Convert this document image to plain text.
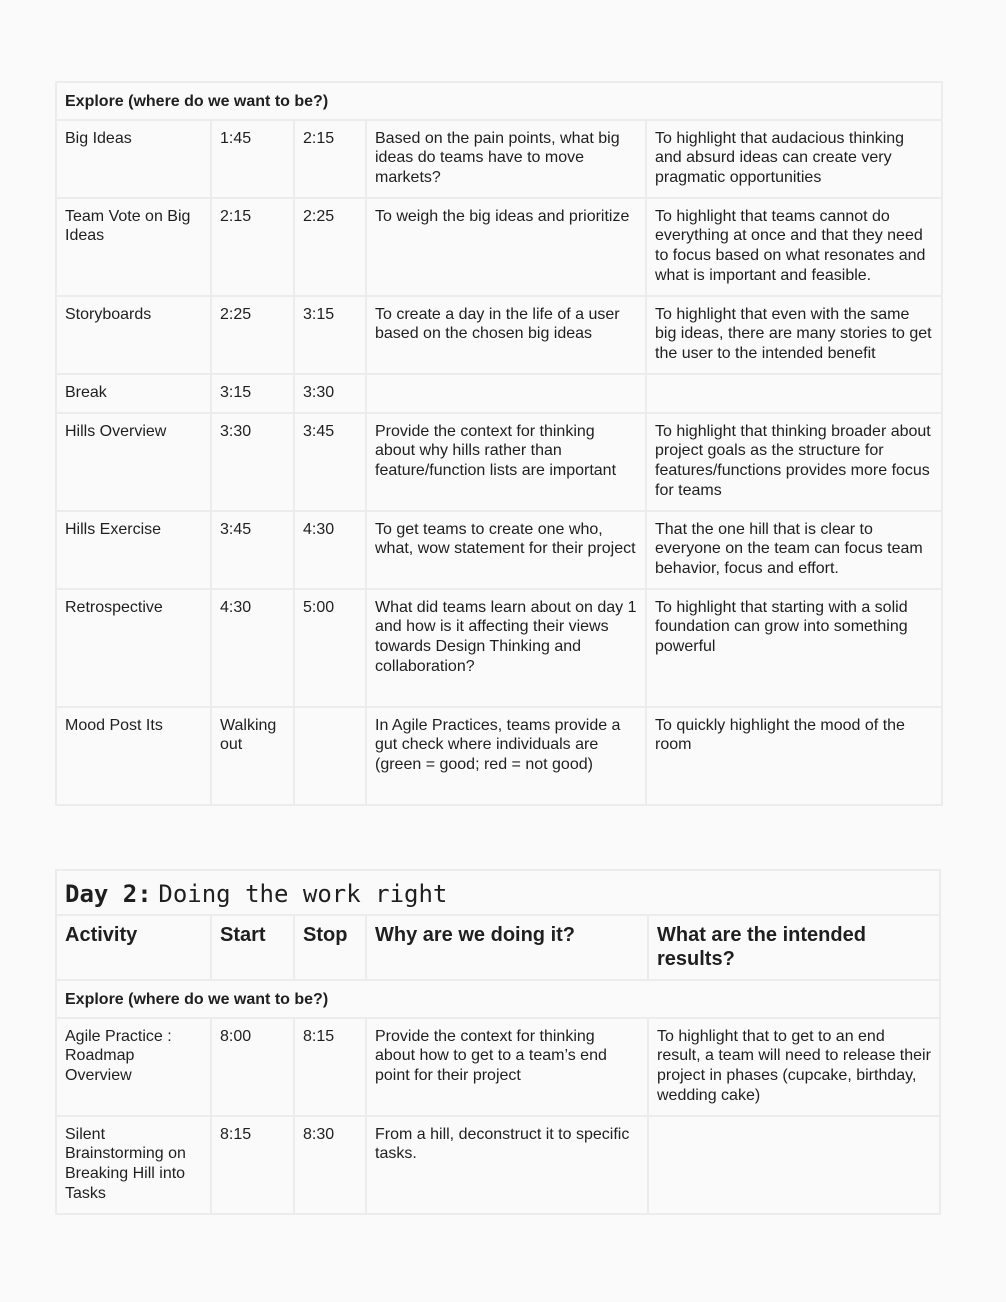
Explore (where do we want to be?)				
Big Ideas	1:45	2:15	Based on the pain points, what big ideas do teams have to move markets?	To highlight that audacious thinking and absurd ideas can create very pragmatic opportunities
Team Vote on Big Ideas	2:15	2:25	To weigh the big ideas and prioritize	To highlight that teams cannot do everything at once and that they need to focus based on what resonates and what is important and feasible.
Storyboards	2:25	3:15	To create a day in the life of a user based on the chosen big ideas	To highlight that even with the same big ideas, there are many stories to get the user to the intended benefit
Break	3:15	3:30		
Hills Overview	3:30	3:45	Provide the context for thinking about why hills rather than feature/function lists are important	To highlight that thinking broader about project goals as the structure for features/functions provides more focus for teams
Hills Exercise	3:45	4:30	To get teams to create one who, what, wow statement for their project	That the one hill that is clear to everyone on the team can focus team behavior, focus and effort.
Retrospective	4:30	5:00	What did teams learn about on day 1 and how is it affecting their views towards Design Thinking and collaboration?	To highlight that starting with a solid foundation can grow into something powerful
Mood Post Its	Walking out		In Agile Practices, teams provide a gut check where individuals are (green = good; red = not good)	To quickly highlight the mood of the room
Day 2: Doing the work right				
Activity	Start	Stop	Why are we doing it?	What are the intended results?
Explore (where do we want to be?)				
Agile Practice : Roadmap Overview	8:00	8:15	Provide the context for thinking about how to get to a team’s end point for their project	To highlight that to get to an end result, a team will need to release their project in phases (cupcake, birthday, wedding cake)
Silent Brainstorming on Breaking Hill into Tasks	8:15	8:30	From a hill, deconstruct it to specific tasks.	
